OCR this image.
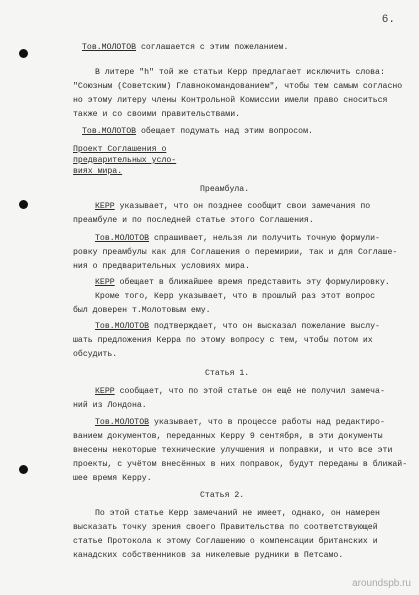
6.
Тов.МОЛОТОВ соглашается с этим пожеланием.
В литере "h" той же статьи Керр предлагает исключить слова:
"Союзным (Советским) Главнокомандованием", чтобы тем самым согласно
но этому литеру члены Контрольной Комиссии имели право сноситься
также и со своими правительствами.
Тов.МОЛОТОВ обещает подумать над этим вопросом.
Проект Соглашения о
предварительных усло-
виях мира.
Преамбула.
КЕРР указывает, что он позднее сообщит свои замечания по
преамбуле и по последней статье этого Соглашения.
Тов.МОЛОТОВ спрашивает, нельзя ли получить точную формули-
ровку преамбулы как для Соглашения о перемирии, так и для Соглаше-
ния о предварительных условиях мира.
КЕРР обещает в ближайшее время представить эту формулировку.
Кроме того, Керр указывает, что в прошлый раз этот вопрос
был доверен т.Молотовым ему.
Тов.МОЛОТОВ подтверждает, что он высказал пожелание выслу-
шать предложения Керра по этому вопросу с тем, чтобы потом их
обсудить.
Статья 1.
КЕРР сообщает, что по этой статье он ещё не получил замеча-
ний из Лондона.
Тов.МОЛОТОВ указывает, что в процессе работы над редактиро-
ванием документов, переданных Керру 9 сентября, в эти документы
внесены некоторые технические улучшения и поправки, и что все эти
проекты, с учётом внесённых в них поправок, будут переданы в ближай-
шее время Керру.
Статья 2.
По этой статье Керр замечаний не имеет, однако, он намерен
высказать точку зрения своего Правительства по соответствующей
статье Протокола к этому Соглашению о компенсации британских и
канадских собственников за никелевые рудники в Петсамо.
aroundspb.ru
